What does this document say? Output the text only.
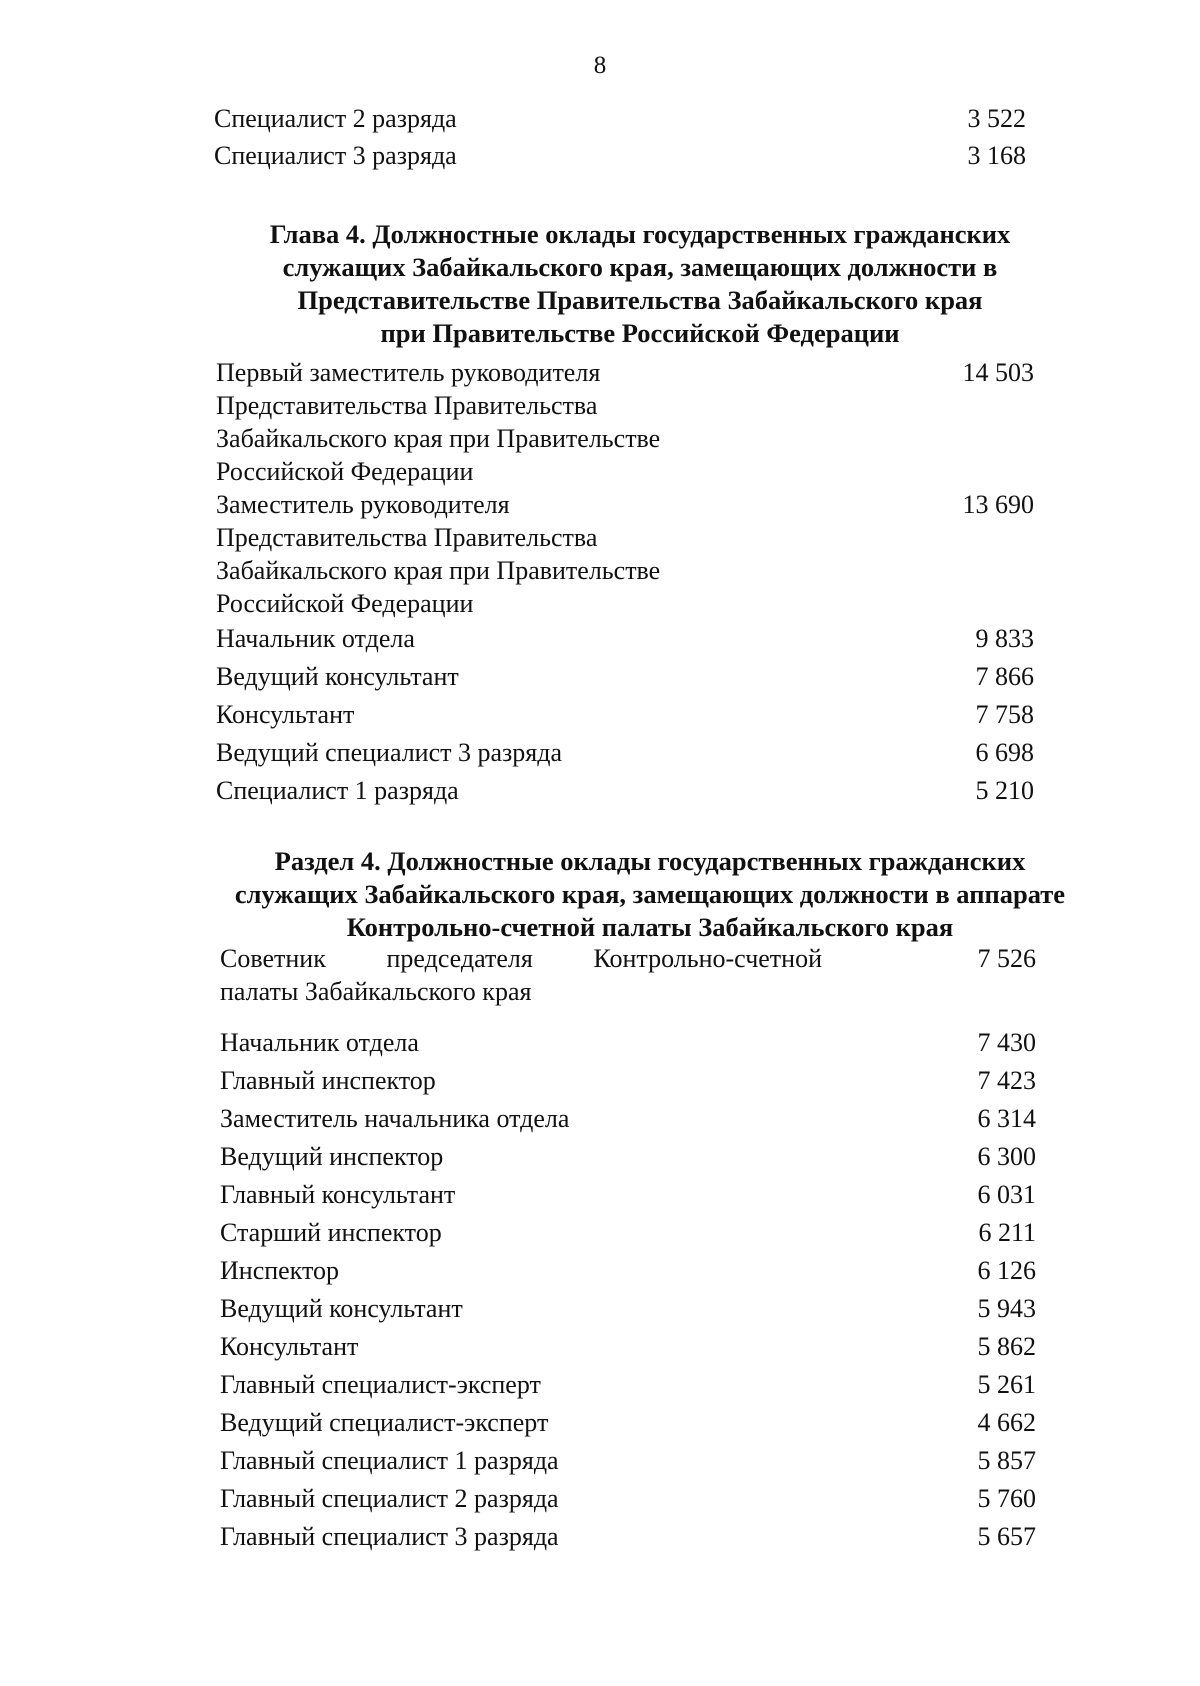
8
Специалист 2 разряда	3 522
Специалист 3 разряда	3 168
Глава 4. Должностные оклады государственных гражданских
служащих Забайкальского края, замещающих должности в
Представительстве Правительства Забайкальского края
при Правительстве Российской Федерации
Первый заместитель руководителя
Представительства Правительства
Забайкальского края при Правительстве
Российской Федерации
14 503
Заместитель руководителя
Представительства Правительства
Забайкальского края при Правительстве
Российской Федерации
13 690
Начальник отдела	9 833
Ведущий консультант	7 866
Консультант	7 758
Ведущий специалист 3 разряда	6 698
Специалист 1 разряда	5 210
Раздел 4. Должностные оклады государственных гражданских
служащих Забайкальского края, замещающих должности в аппарате
Контрольно-счетной палаты Забайкальского края
Советник председателя Контрольно-счетной
палаты Забайкальского края
7 526
Начальник отдела	7 430
Главный инспектор	7 423
Заместитель начальника отдела	6 314
Ведущий инспектор	6 300
Главный консультант	6 031
Старший инспектор	6 211
Инспектор	6 126
Ведущий консультант	5 943
Консультант	5 862
Главный специалист-эксперт	5 261
Ведущий специалист-эксперт	4 662
Главный специалист 1 разряда	5 857
Главный специалист 2 разряда	5 760
Главный специалист 3 разряда	5 657
